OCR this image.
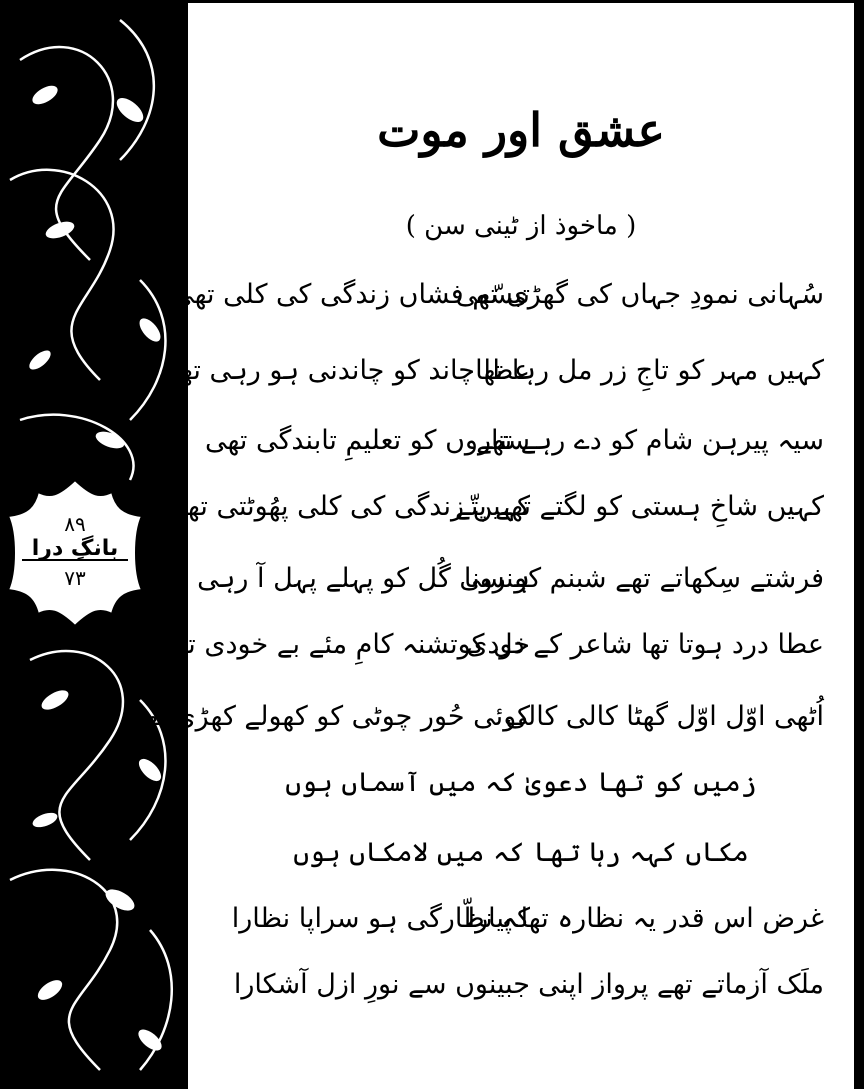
۸۹
بانگِ درا
۷۳
عشق اور موت
( ماخوذ از ٹینی سن )
سُہانی نمودِ جہاں کی گھڑی تھی
تبسّم فشاں زندگی کی کلی تھی
کہیں مہر کو تاجِ زر مل رہا تھا
عطا چاند کو چاندنی ہو رہی تھی
سیہ پیرہن شام کو دے رہے تھے
ستاروں کو تعلیمِ تابندگی تھی
کہیں شاخِ ہستی کو لگتے تھے پتّے
کہیں زندگی کی کلی پھُوٹتی تھی
فرشتے سِکھاتے تھے شبنم کو رونا
ہنسی گُل کو پہلے پہل آ رہی تھی
عطا درد ہوتا تھا شاعر کے دل کو
خودی تشنہ کامِ مئے بے خودی تھی
اُٹھی اوّل اوّل گھٹا کالی کالی
کوئی حُور چوٹی کو کھولے کھڑی تھی
زمیں کو تھا دعویٰ کہ میں آسماں ہوں
مکاں کہہ رہا تھا کہ میں لامکاں ہوں
غرض اس قدر یہ نظارہ تھا پیارا
کہ نظّارگی ہو سراپا نظارا
ملَک آزماتے تھے پرواز اپنی
جبینوں سے نورِ ازل آشکارا
